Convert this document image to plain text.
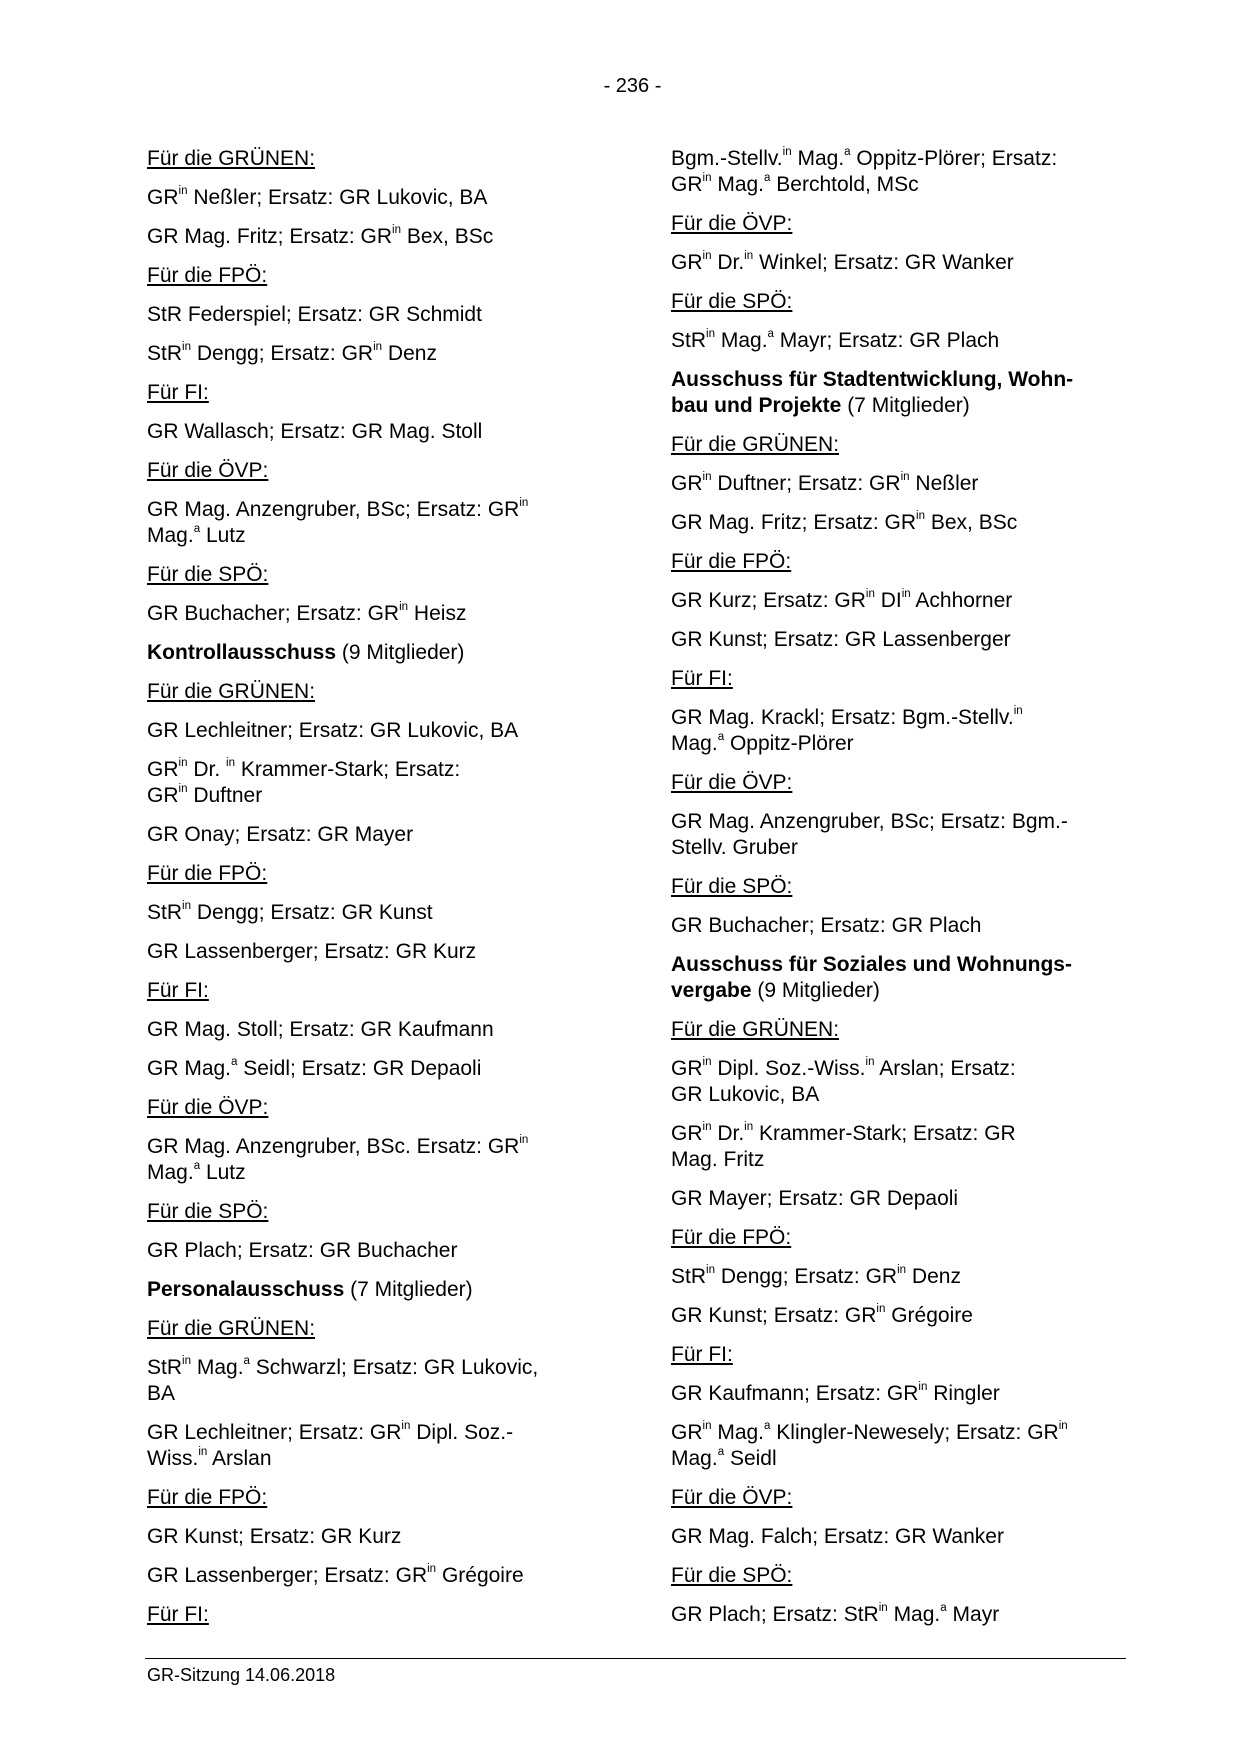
- 236 -
Für die GRÜNEN:
$GR^{in}$ Neßler; Ersatz: GR Lukovic, BA
GR Mag. Fritz; Ersatz: $GR^{in}$ Bex, BSc
Für die FPÖ:
StR Federspiel; Ersatz: GR Schmidt
StR$^{in}$ Dengg; Ersatz: $GR^{in}$ Denz
Für FI:
GR Wallasch; Ersatz: GR Mag. Stoll
Für die ÖVP:
GR Mag. Anzengruber, BSc; Ersatz: $GR^{in}$
Mag.$^a$ Lutz
Für die SPÖ:
GR Buchacher; Ersatz: $GR^{in}$ Heisz
Kontrollausschuss (9 Mitglieder)
Für die GRÜNEN:
GR Lechleitner; Ersatz: GR Lukovic, BA
$GR^{in}$ Dr. $^{in}$ Krammer-Stark; Ersatz:
$GR^{in}$ Duftner
GR Onay; Ersatz: GR Mayer
Für die FPÖ:
StR$^{in}$ Dengg; Ersatz: GR Kunst
GR Lassenberger; Ersatz: GR Kurz
Für FI:
GR Mag. Stoll; Ersatz: GR Kaufmann
GR Mag.$^a$ Seidl; Ersatz: GR Depaoli
Für die ÖVP:
GR Mag. Anzengruber, BSc. Ersatz: $GR^{in}$
Mag.$^a$ Lutz
Für die SPÖ:
GR Plach; Ersatz: GR Buchacher
Personalausschuss (7 Mitglieder)
Für die GRÜNEN:
StR$^{in}$ Mag.$^a$ Schwarzl; Ersatz: GR Lukovic,
BA
GR Lechleitner; Ersatz: $GR^{in}$ Dipl. Soz.-
Wiss.$^{in}$ Arslan
Für die FPÖ:
GR Kunst; Ersatz: GR Kurz
GR Lassenberger; Ersatz: $GR^{in}$ Grégoire
Für FI:
Bgm.-Stellv.$^{in}$ Mag.$^a$ Oppitz-Plörer; Ersatz:
$GR^{in}$ Mag.$^a$ Berchtold, MSc
Für die ÖVP:
$GR^{in}$ Dr.$^{in}$ Winkel; Ersatz: GR Wanker
Für die SPÖ:
StR$^{in}$ Mag.$^a$ Mayr; Ersatz: GR Plach
Ausschuss für Stadtentwicklung, Wohn-
bau und Projekte (7 Mitglieder)
Für die GRÜNEN:
$GR^{in}$ Duftner; Ersatz: $GR^{in}$ Neßler
GR Mag. Fritz; Ersatz: $GR^{in}$ Bex, BSc
Für die FPÖ:
GR Kurz; Ersatz: $GR^{in}$ $DI^{in}$ Achhorner
GR Kunst; Ersatz: GR Lassenberger
Für FI:
GR Mag. Krackl; Ersatz: Bgm.-Stellv.$^{in}$
Mag.$^a$ Oppitz-Plörer
Für die ÖVP:
GR Mag. Anzengruber, BSc; Ersatz: Bgm.-
Stellv. Gruber
Für die SPÖ:
GR Buchacher; Ersatz: GR Plach
Ausschuss für Soziales und Wohnungs-
vergabe (9 Mitglieder)
Für die GRÜNEN:
$GR^{in}$ Dipl. Soz.-Wiss.$^{in}$ Arslan; Ersatz:
GR Lukovic, BA
$GR^{in}$ Dr.$^{in}$ Krammer-Stark; Ersatz: GR
Mag. Fritz
GR Mayer; Ersatz: GR Depaoli
Für die FPÖ:
StR$^{in}$ Dengg; Ersatz: $GR^{in}$ Denz
GR Kunst; Ersatz: $GR^{in}$ Grégoire
Für FI:
GR Kaufmann; Ersatz: $GR^{in}$ Ringler
$GR^{in}$ Mag.$^a$ Klingler-Newesely; Ersatz: $GR^{in}$
Mag.$^a$ Seidl
Für die ÖVP:
GR Mag. Falch; Ersatz: GR Wanker
Für die SPÖ:
GR Plach; Ersatz: StR$^{in}$ Mag.$^a$ Mayr
GR-Sitzung 14.06.2018
